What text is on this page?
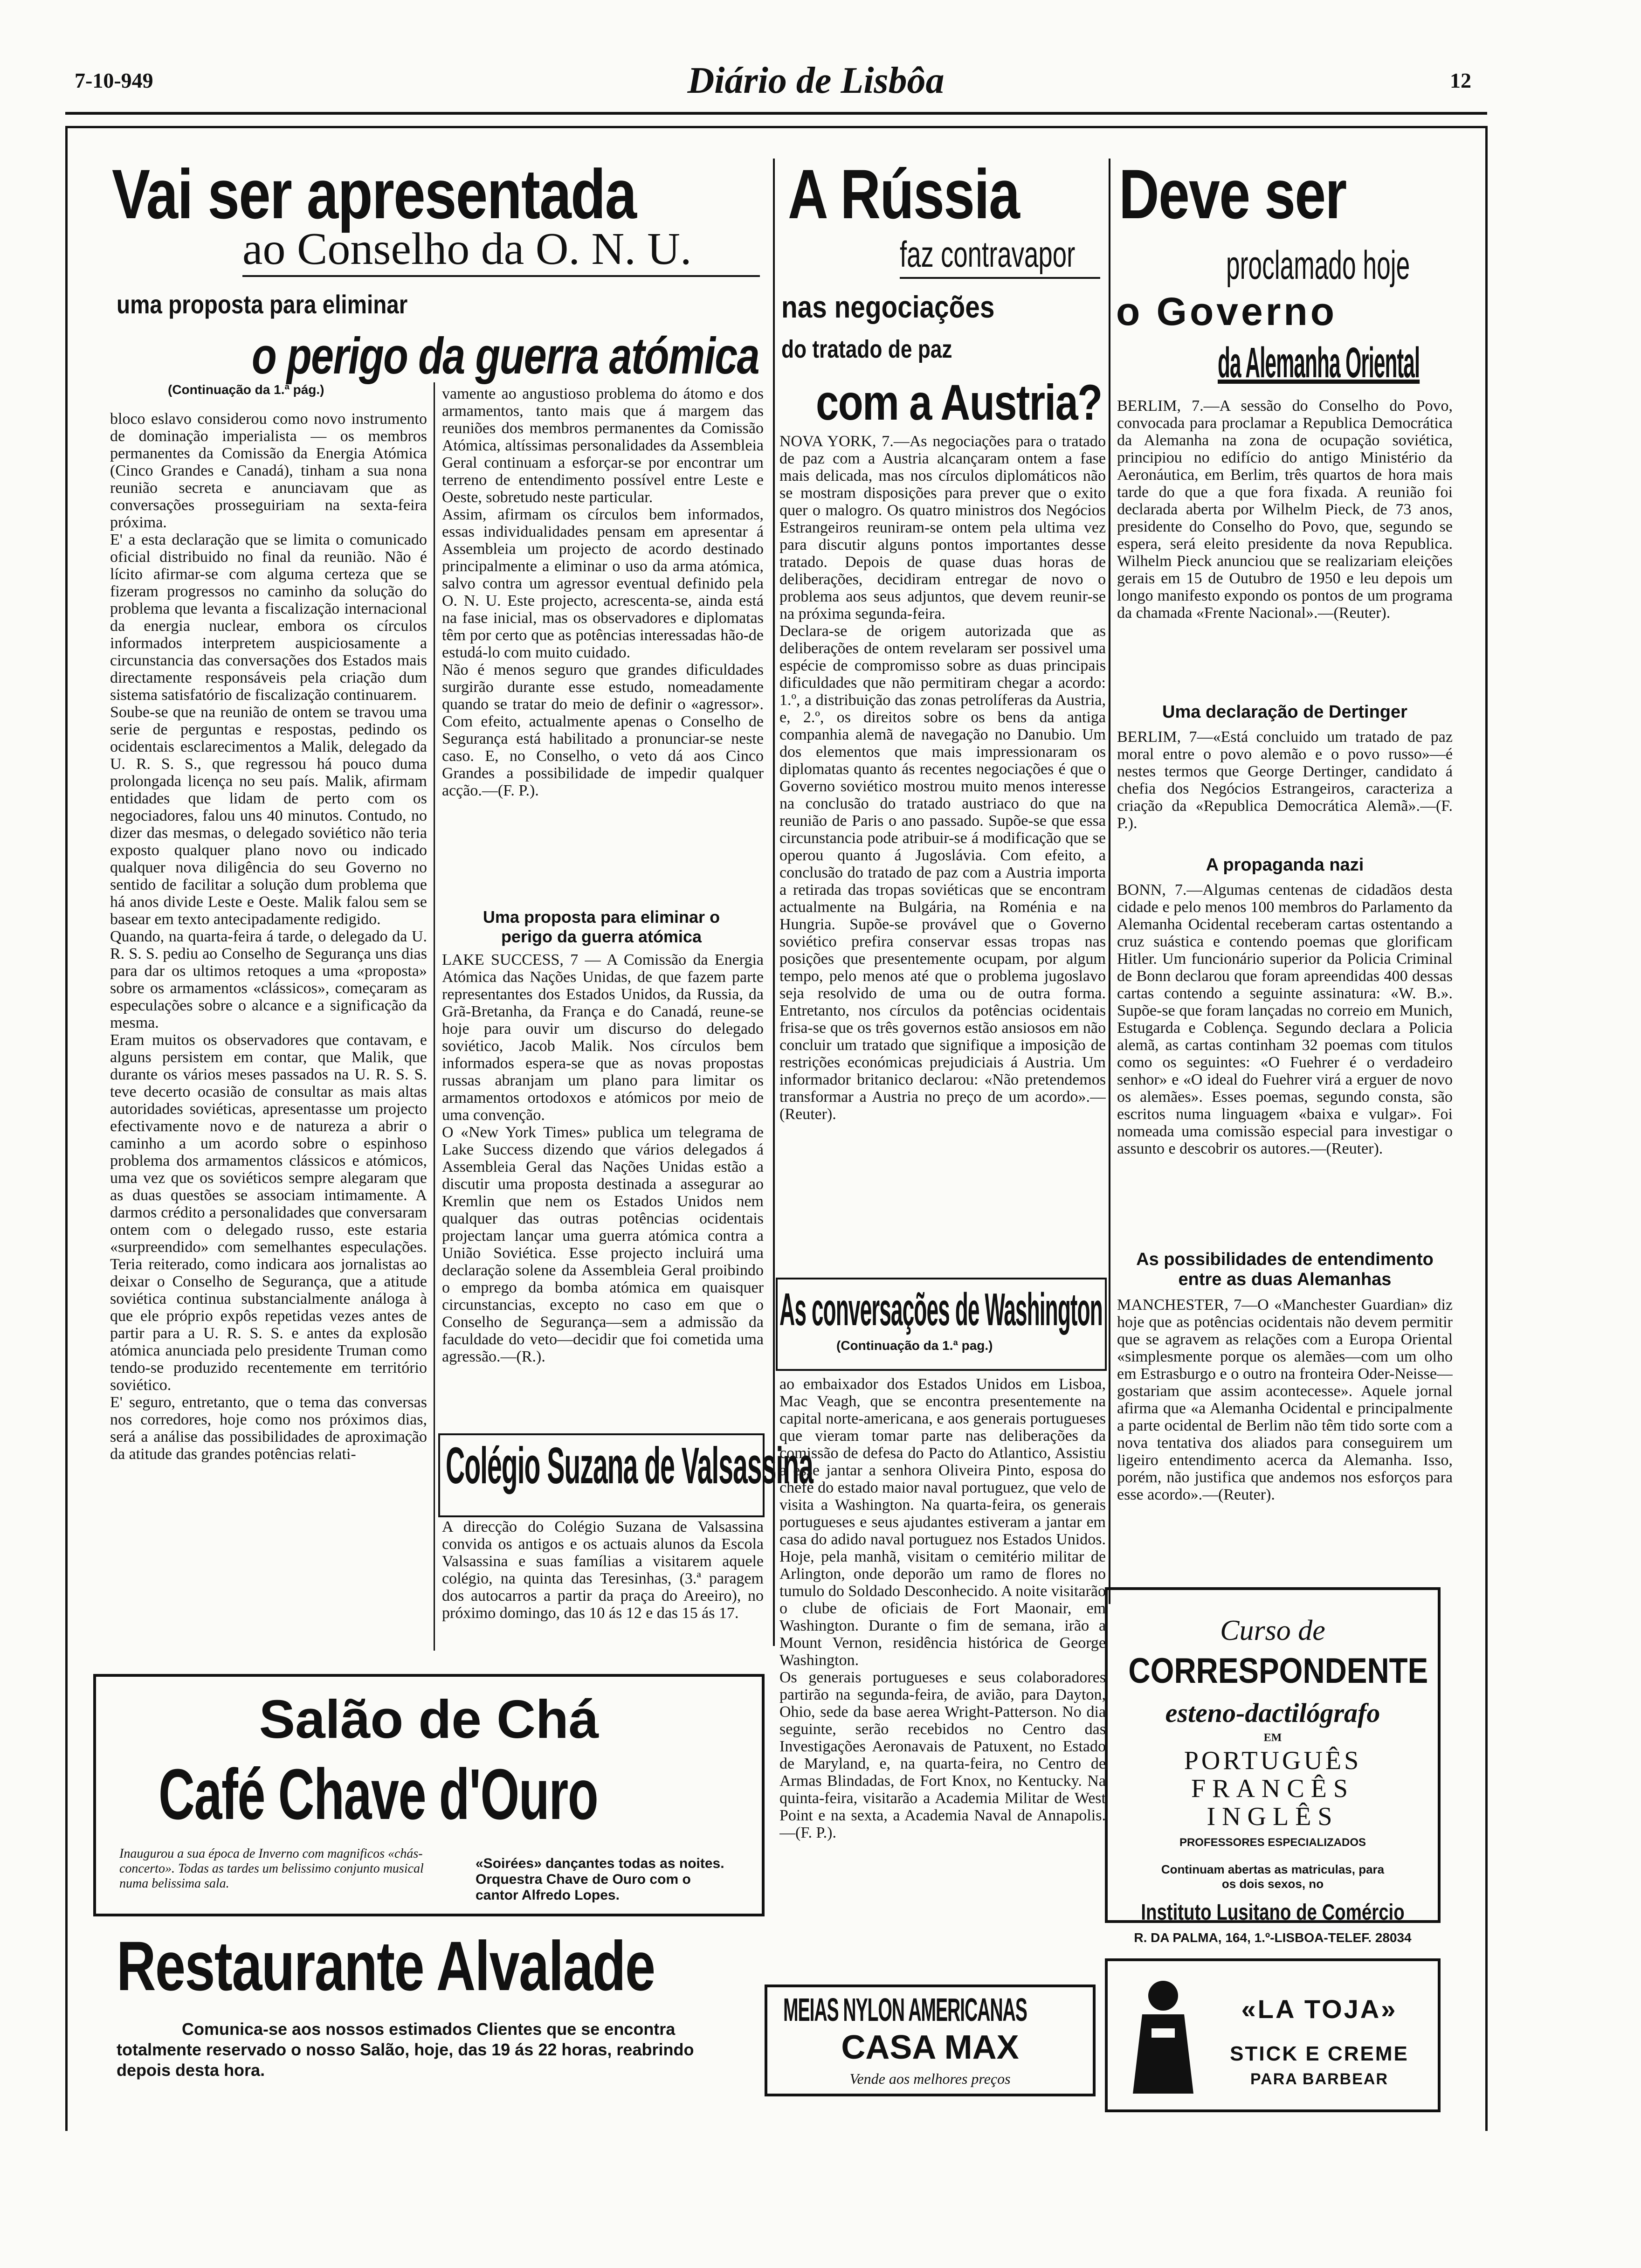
7-10-949	Diário de Lisbôa	12
Vai ser apresentada
ao Conselho da O. N. U.
uma proposta para eliminar
o perigo da guerra atómica
(Continuação da 1.ª pág.)
bloco eslavo considerou como novo instrumento de dominação imperialista — os membros permanentes da Comissão da Energia Atómica (Cinco Grandes e Canadá), tinham a sua nona reunião secreta e anunciavam que as conversações prosseguiriam na sexta-feira próxima.
E' a esta declaração que se limita o comunicado oficial distribuido no final da reunião. Não é lícito afirmar-se com alguma certeza que se fizeram progressos no caminho da solução do problema que levanta a fiscalização internacional da energia nuclear, embora os círculos informados interpretem auspiciosamente a circunstancia das conversações dos Estados mais directamente responsáveis pela criação dum sistema satisfatório de fiscalização continuarem.
Soube-se que na reunião de ontem se travou uma serie de perguntas e respostas, pedindo os ocidentais esclarecimentos a Malik, delegado da U. R. S. S., que regressou há pouco duma prolongada licença no seu país. Malik, afirmam entidades que lidam de perto com os negociadores, falou uns 40 minutos. Contudo, no dizer das mesmas, o delegado soviético não teria exposto qualquer plano novo ou indicado qualquer nova diligência do seu Governo no sentido de facilitar a solução dum problema que há anos divide Leste e Oeste. Malik falou sem se basear em texto antecipadamente redigido.
Quando, na quarta-feira á tarde, o delegado da U. R. S. S. pediu ao Conselho de Segurança uns dias para dar os ultimos retoques a uma «proposta» sobre os armamentos «clássicos», começaram as especulações sobre o alcance e a significação da mesma.
Eram muitos os observadores que contavam, e alguns persistem em contar, que Malik, que durante os vários meses passados na U. R. S. S. teve decerto ocasião de consultar as mais altas autoridades soviéticas, apresentasse um projecto efectivamente novo e de natureza a abrir o caminho a um acordo sobre o espinhoso problema dos armamentos clássicos e atómicos, uma vez que os soviéticos sempre alegaram que as duas questões se associam intimamente. A darmos crédito a personalidades que conversaram ontem com o delegado russo, este estaria «surpreendido» com semelhantes especulações. Teria reiterado, como indicara aos jornalistas ao deixar o Conselho de Segurança, que a atitude soviética continua substancialmente análoga à que ele próprio expôs repetidas vezes antes de partir para a U. R. S. S. e antes da explosão atómica anunciada pelo presidente Truman como tendo-se produzido recentemente em território soviético.
E' seguro, entretanto, que o tema das conversas nos corredores, hoje como nos próximos dias, será a análise das possibilidades de aproximação da atitude das grandes potências relati-
vamente ao angustioso problema do átomo e dos armamentos, tanto mais que á margem das reuniões dos membros permanentes da Comissão Atómica, altíssimas personalidades da Assembleia Geral continuam a esforçar-se por encontrar um terreno de entendimento possível entre Leste e Oeste, sobretudo neste particular.
Assim, afirmam os círculos bem informados, essas individualidades pensam em apresentar á Assembleia um projecto de acordo destinado principalmente a eliminar o uso da arma atómica, salvo contra um agressor eventual definido pela O. N. U. Este projecto, acrescenta-se, ainda está na fase inicial, mas os observadores e diplomatas têm por certo que as potências interessadas hão-de estudá-lo com muito cuidado.
Não é menos seguro que grandes dificuldades surgirão durante esse estudo, nomeadamente quando se tratar do meio de definir o «agressor». Com efeito, actualmente apenas o Conselho de Segurança está habilitado a pronunciar-se neste caso. E, no Conselho, o veto dá aos Cinco Grandes a possibilidade de impedir qualquer acção.—(F. P.).
Uma proposta para eliminar o perigo da guerra atómica
LAKE SUCCESS, 7 — A Comissão da Energia Atómica das Nações Unidas, de que fazem parte representantes dos Estados Unidos, da Russia, da Grã-Bretanha, da França e do Canadá, reune-se hoje para ouvir um discurso do delegado soviético, Jacob Malik. Nos círculos bem informados espera-se que as novas propostas russas abranjam um plano para limitar os armamentos ortodoxos e atómicos por meio de uma convenção.
O «New York Times» publica um telegrama de Lake Success dizendo que vários delegados á Assembleia Geral das Nações Unidas estão a discutir uma proposta destinada a assegurar ao Kremlin que nem os Estados Unidos nem qualquer das outras potências ocidentais projectam lançar uma guerra atómica contra a União Soviética. Esse projecto incluirá uma declaração solene da Assembleia Geral proibindo o emprego da bomba atómica em quaisquer circunstancias, excepto no caso em que o Conselho de Segurança—sem a admissão da faculdade do veto—decidir que foi cometida uma agressão.—(R.).
Colégio Suzana de Valsassina
A direcção do Colégio Suzana de Valsassina convida os antigos e os actuais alunos da Escola Valsassina e suas famílias a visitarem aquele colégio, na quinta das Teresinhas, (3.ª paragem dos autocarros a partir da praça do Areeiro), no próximo domingo, das 10 ás 12 e das 15 ás 17.
A Rússia
faz contravapor
nas negociações
do tratado de paz
com a Austria?
NOVA YORK, 7.—As negociações para o tratado de paz com a Austria alcançaram ontem a fase mais delicada, mas nos círculos diplomáticos não se mostram disposições para prever que o exito quer o malogro. Os quatro ministros dos Negócios Estrangeiros reuniram-se ontem pela ultima vez para discutir alguns pontos importantes desse tratado. Depois de quase duas horas de deliberações, decidiram entregar de novo o problema aos seus adjuntos, que devem reunir-se na próxima segunda-feira.
Declara-se de origem autorizada que as deliberações de ontem revelaram ser possivel uma espécie de compromisso sobre as duas principais dificuldades que não permitiram chegar a acordo: 1.º, a distribuição das zonas petrolíferas da Austria, e, 2.º, os direitos sobre os bens da antiga companhia alemã de navegação no Danubio. Um dos elementos que mais impressionaram os diplomatas quanto ás recentes negociações é que o Governo soviético mostrou muito menos interesse na conclusão do tratado austriaco do que na reunião de Paris o ano passado. Supõe-se que essa circunstancia pode atribuir-se á modificação que se operou quanto á Jugoslávia. Com efeito, a conclusão do tratado de paz com a Austria importa a retirada das tropas soviéticas que se encontram actualmente na Bulgária, na Roménia e na Hungria. Supõe-se provável que o Governo soviético prefira conservar essas tropas nas posições que presentemente ocupam, por algum tempo, pelo menos até que o problema jugoslavo seja resolvido de uma ou de outra forma. Entretanto, nos círculos da potências ocidentais frisa-se que os três governos estão ansiosos em não concluir um tratado que signifique a imposição de restrições económicas prejudiciais á Austria. Um informador britanico declarou: «Não pretendemos transformar a Austria no preço de um acordo».—(Reuter).
As conversações de Washington
(Continuação da 1.ª pag.)
ao embaixador dos Estados Unidos em Lisboa, Mac Veagh, que se encontra presentemente na capital norte-americana, e aos generais portugueses que vieram tomar parte nas deliberações da comissão de defesa do Pacto do Atlantico, Assistiu a esse jantar a senhora Oliveira Pinto, esposa do chefe do estado maior naval portuguez, que velo de visita a Washington. Na quarta-feira, os generais portugueses e seus ajudantes estiveram a jantar em casa do adido naval portuguez nos Estados Unidos. Hoje, pela manhã, visitam o cemitério militar de Arlington, onde deporão um ramo de flores no tumulo do Soldado Desconhecido. A noite visitarão o clube de oficiais de Fort Maonair, em Washington. Durante o fim de semana, irão a Mount Vernon, residência histórica de George Washington.
Os generais portugueses e seus colaboradores partirão na segunda-feira, de avião, para Dayton, Ohio, sede da base aerea Wright-Patterson. No dia seguinte, serão recebidos no Centro das Investigações Aeronavais de Patuxent, no Estado de Maryland, e, na quarta-feira, no Centro de Armas Blindadas, de Fort Knox, no Kentucky. Na quinta-feira, visitarão a Academia Militar de West Point e na sexta, a Academia Naval de Annapolis.—(F. P.).
MEIAS NYLON AMERICANAS
CASA MAX
Vende aos melhores preços
Deve ser
proclamado hoje
o Governo
da Alemanha Oriental
BERLIM, 7.—A sessão do Conselho do Povo, convocada para proclamar a Republica Democrática da Alemanha na zona de ocupação soviética, principiou no edifício do antigo Ministério da Aeronáutica, em Berlim, três quartos de hora mais tarde do que a que fora fixada. A reunião foi declarada aberta por Wilhelm Pieck, de 73 anos, presidente do Conselho do Povo, que, segundo se espera, será eleito presidente da nova Republica. Wilhelm Pieck anunciou que se realizariam eleições gerais em 15 de Outubro de 1950 e leu depois um longo manifesto expondo os pontos de um programa da chamada «Frente Nacional».—(Reuter).
Uma declaração de Dertinger
BERLIM, 7—«Está concluido um tratado de paz moral entre o povo alemão e o povo russo»—é nestes termos que George Dertinger, candidato á chefia dos Negócios Estrangeiros, caracteriza a criação da «Republica Democrática Alemã».—(F. P.).
A propaganda nazi
BONN, 7.—Algumas centenas de cidadãos desta cidade e pelo menos 100 membros do Parlamento da Alemanha Ocidental receberam cartas ostentando a cruz suástica e contendo poemas que glorificam Hitler. Um funcionário superior da Policia Criminal de Bonn declarou que foram apreendidas 400 dessas cartas contendo a seguinte assinatura: «W. B.». Supõe-se que foram lançadas no correio em Munich, Estugarda e Coblença. Segundo declara a Policia alemã, as cartas continham 32 poemas com titulos como os seguintes: «O Fuehrer é o verdadeiro senhor» e «O ideal do Fuehrer virá a erguer de novo os alemães». Esses poemas, segundo consta, são escritos numa linguagem «baixa e vulgar». Foi nomeada uma comissão especial para investigar o assunto e descobrir os autores.—(Reuter).
As possibilidades de entendimento entre as duas Alemanhas
MANCHESTER, 7—O «Manchester Guardian» diz hoje que as potências ocidentais não devem permitir que se agravem as relações com a Europa Oriental «simplesmente porque os alemães—com um olho em Estrasburgo e o outro na fronteira Oder-Neisse—gostariam que assim acontecesse». Aquele jornal afirma que «a Alemanha Ocidental e principalmente a parte ocidental de Berlim não têm tido sorte com a nova tentativa dos aliados para conseguirem um ligeiro entendimento acerca da Alemanha. Isso, porém, não justifica que andemos nos esforços para esse acordo».—(Reuter).
Curso de
CORRESPONDENTE
esteno-dactilógrafo
EM
PORTUGUÊS
FRANCÊS
INGLÊS
PROFESSORES ESPECIALIZADOS
Continuam abertas as matriculas, para os dois sexos, no
Instituto Lusitano de Comércio
R. DA PALMA, 164, 1.º-LISBOA-TELEF. 28034
«LA TOJA»
STICK E CREME
PARA BARBEAR
Salão de Chá
Café Chave d'Ouro
Inaugurou a sua época de Inverno com magnificos «chás-concerto». Todas as tardes um belissimo conjunto musical numa belissima sala.
«Soirées» dançantes todas as noites. Orquestra Chave de Ouro com o cantor Alfredo Lopes.
Restaurante Alvalade
Comunica-se aos nossos estimados Clientes que se encontra totalmente reservado o nosso Salão, hoje, das 19 ás 22 horas, reabrindo depois desta hora.
